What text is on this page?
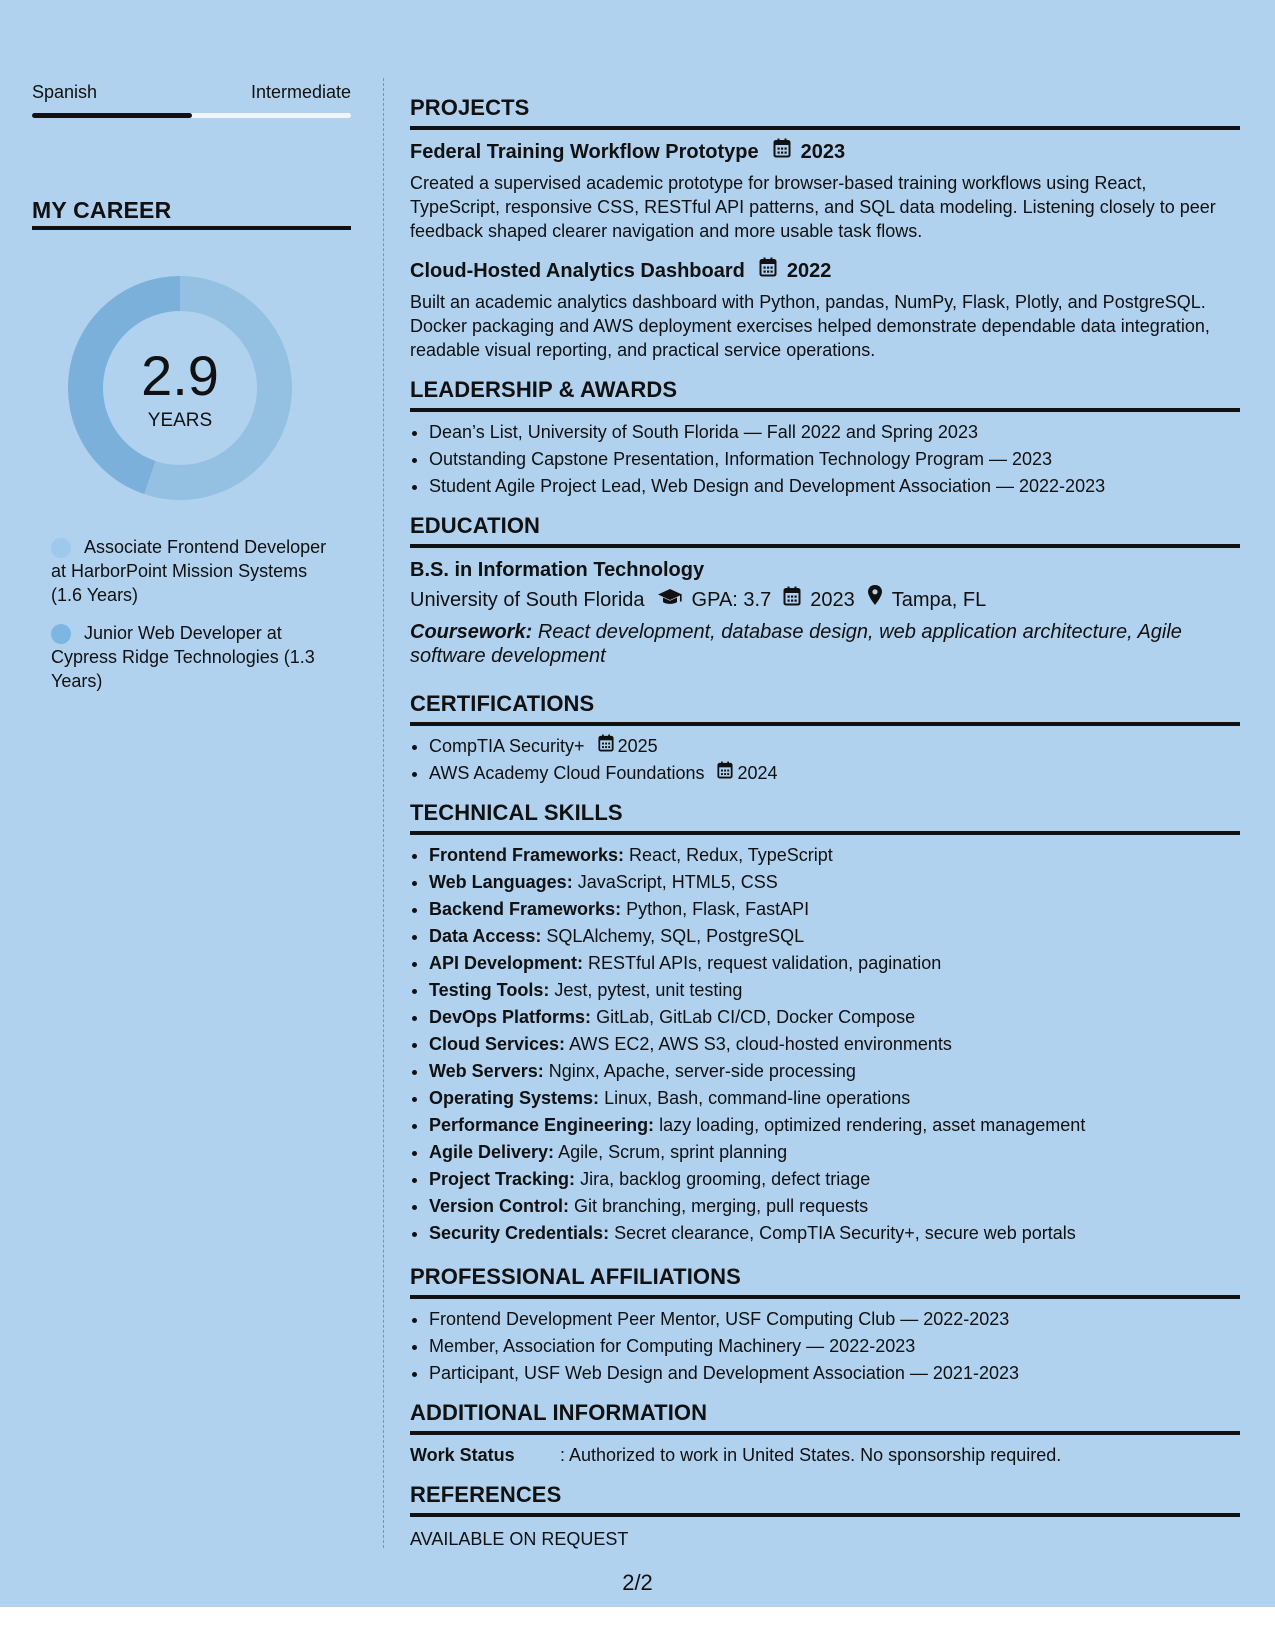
Spanish	Intermediate
MY CAREER
2.9
YEARS
Associate Frontend Developer at HarborPoint Mission Systems (1.6 Years)
Junior Web Developer at Cypress Ridge Technologies (1.3 Years)
PROJECTS
Federal Training Workflow Prototype 2023
Created a supervised academic prototype for browser-based training workflows using React, TypeScript, responsive CSS, RESTful API patterns, and SQL data modeling. Listening closely to peer feedback shaped clearer navigation and more usable task flows.
Cloud-Hosted Analytics Dashboard 2022
Built an academic analytics dashboard with Python, pandas, NumPy, Flask, Plotly, and PostgreSQL. Docker packaging and AWS deployment exercises helped demonstrate dependable data integration, readable visual reporting, and practical service operations.
LEADERSHIP & AWARDS
• Dean’s List, University of South Florida — Fall 2022 and Spring 2023
• Outstanding Capstone Presentation, Information Technology Program — 2023
• Student Agile Project Lead, Web Design and Development Association — 2022-2023
EDUCATION
B.S. in Information Technology
University of South Florida GPA: 3.7 2023 Tampa, FL
Coursework: React development, database design, web application architecture, Agile software development
CERTIFICATIONS
• CompTIA Security+ 2025
• AWS Academy Cloud Foundations 2024
TECHNICAL SKILLS
• Frontend Frameworks: React, Redux, TypeScript
• Web Languages: JavaScript, HTML5, CSS
• Backend Frameworks: Python, Flask, FastAPI
• Data Access: SQLAlchemy, SQL, PostgreSQL
• API Development: RESTful APIs, request validation, pagination
• Testing Tools: Jest, pytest, unit testing
• DevOps Platforms: GitLab, GitLab CI/CD, Docker Compose
• Cloud Services: AWS EC2, AWS S3, cloud-hosted environments
• Web Servers: Nginx, Apache, server-side processing
• Operating Systems: Linux, Bash, command-line operations
• Performance Engineering: lazy loading, optimized rendering, asset management
• Agile Delivery: Agile, Scrum, sprint planning
• Project Tracking: Jira, backlog grooming, defect triage
• Version Control: Git branching, merging, pull requests
• Security Credentials: Secret clearance, CompTIA Security+, secure web portals
PROFESSIONAL AFFILIATIONS
• Frontend Development Peer Mentor, USF Computing Club — 2022-2023
• Member, Association for Computing Machinery — 2022-2023
• Participant, USF Web Design and Development Association — 2021-2023
ADDITIONAL INFORMATION
Work Status	: Authorized to work in United States. No sponsorship required.
REFERENCES
AVAILABLE ON REQUEST
2/2
